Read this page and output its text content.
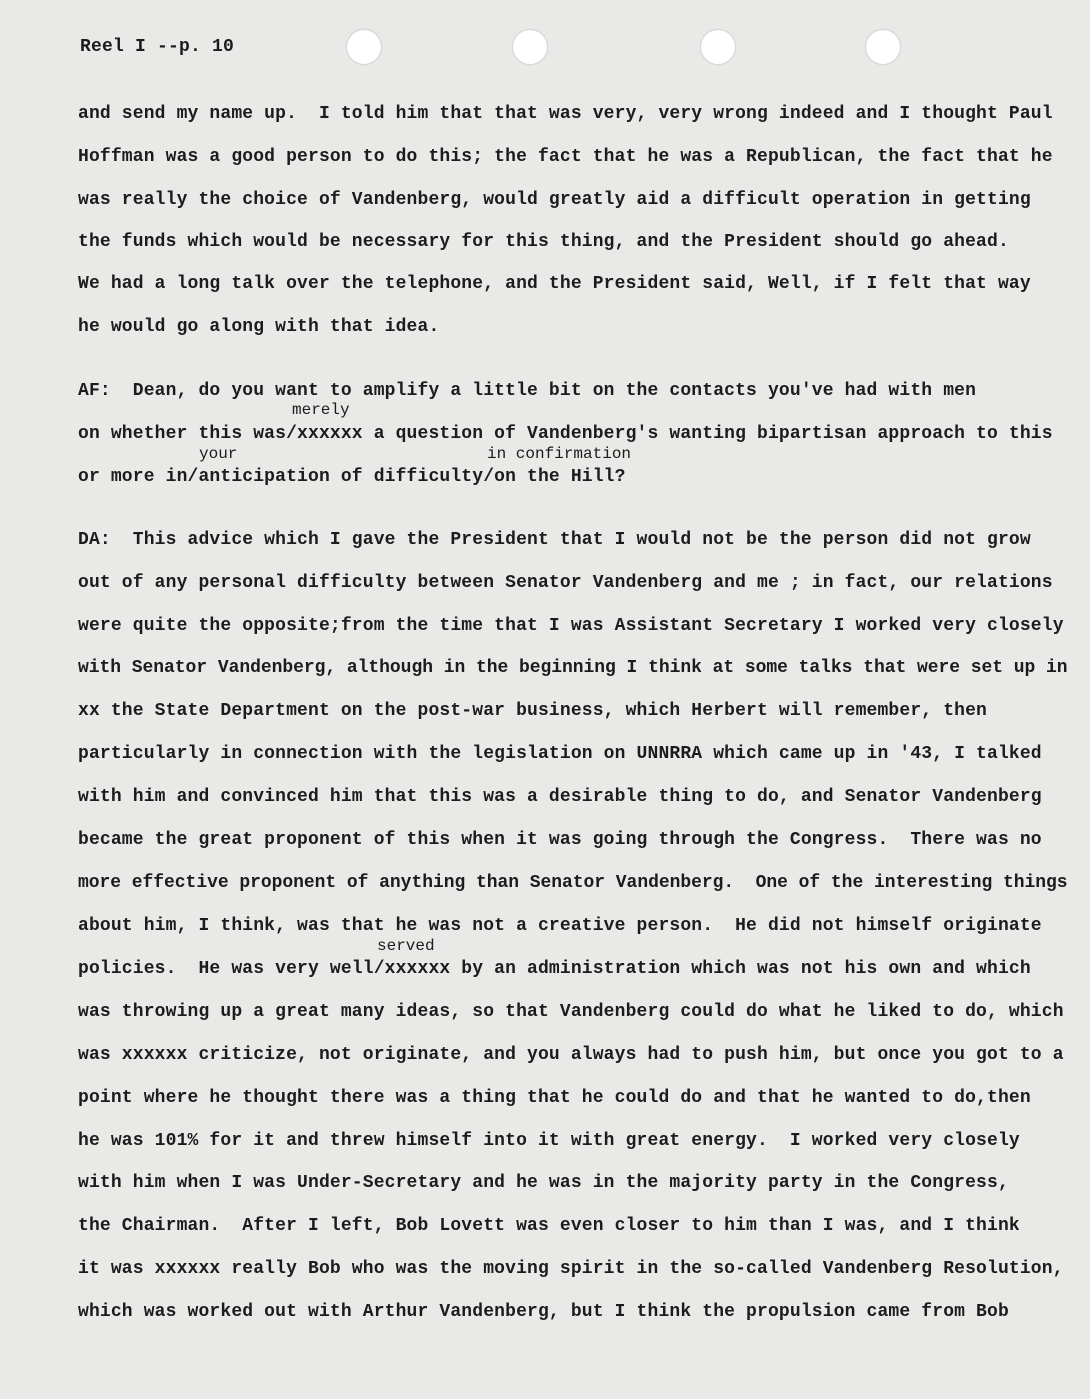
Reel I --p. 10
and send my name up.  I told him that that was very, very wrong indeed and I thought Paul
Hoffman was a good person to do this; the fact that he was a Republican, the fact that he
was really the choice of Vandenberg, would greatly aid a difficult operation in getting
the funds which would be necessary for this thing, and the President should go ahead.
We had a long talk over the telephone, and the President said, Well, if I felt that way
he would go along with that idea.
AF:  Dean, do you want to amplify a little bit on the contacts you've had with men
merely
on whether this was/xxxxxx a question of Vandenberg's wanting bipartisan approach to this
your	in confirmation
or more in/anticipation of difficulty/on the Hill?
DA:  This advice which I gave the President that I would not be the person did not grow
out of any personal difficulty between Senator Vandenberg and me ; in fact, our relations
were quite the opposite;from the time that I was Assistant Secretary I worked very closely
with Senator Vandenberg, although in the beginning I think at some talks that were set up in
xx the State Department on the post-war business, which Herbert will remember, then
particularly in connection with the legislation on UNNRRA which came up in '43, I talked
with him and convinced him that this was a desirable thing to do, and Senator Vandenberg
became the great proponent of this when it was going through the Congress.  There was no
more effective proponent of anything than Senator Vandenberg.  One of the interesting things
about him, I think, was that he was not a creative person.  He did not himself originate
served
policies.  He was very well/xxxxxx by an administration which was not his own and which
was throwing up a great many ideas, so that Vandenberg could do what he liked to do, which
was xxxxxx criticize, not originate, and you always had to push him, but once you got to a
point where he thought there was a thing that he could do and that he wanted to do,then
he was 101% for it and threw himself into it with great energy.  I worked very closely
with him when I was Under-Secretary and he was in the majority party in the Congress,
the Chairman.  After I left, Bob Lovett was even closer to him than I was, and I think
it was xxxxxx really Bob who was the moving spirit in the so-called Vandenberg Resolution,
which was worked out with Arthur Vandenberg, but I think the propulsion came from Bob
